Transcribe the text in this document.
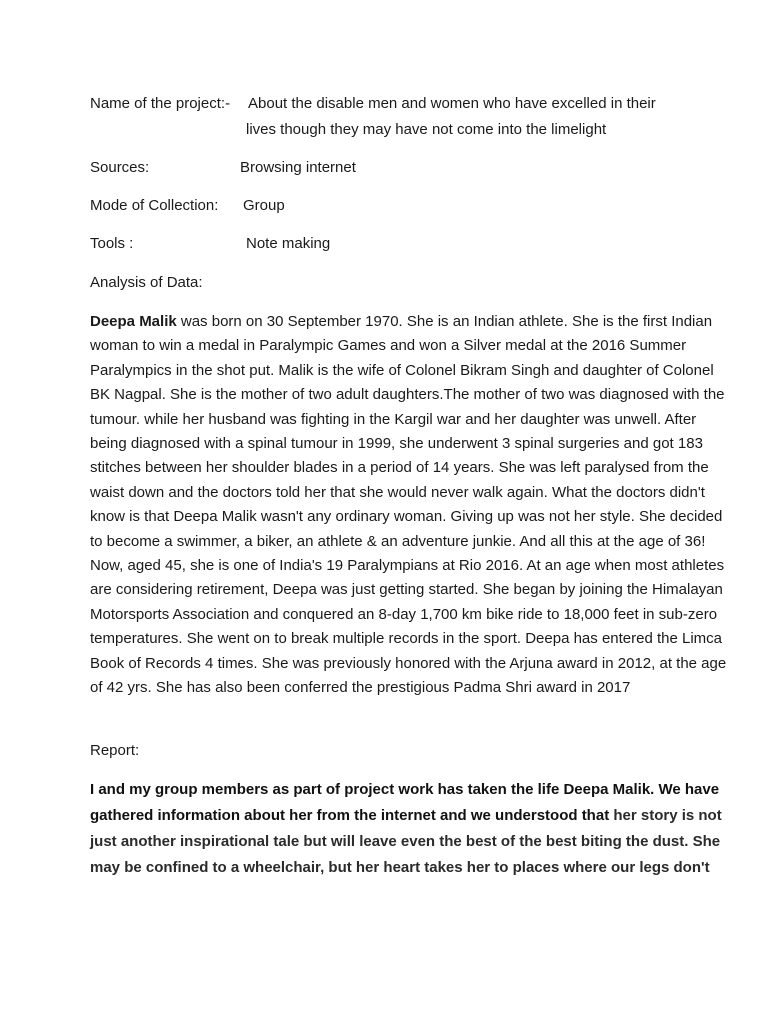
Name of the project:- About the disable men and women who have excelled in their
lives though they may have not come into the limelight
Sources:	Browsing internet
Mode of Collection: Group
Tools :	Note making
Analysis of Data:
Deepa Malik was born on 30 September 1970. She is an Indian athlete. She is the first Indian woman to win a medal in Paralympic Games and won a Silver medal at the 2016 Summer Paralympics in the shot put. Malik is the wife of Colonel Bikram Singh and daughter of Colonel BK Nagpal. She is the mother of two adult daughters.The mother of two was diagnosed with the tumour. while her husband was fighting in the Kargil war and her daughter was unwell. After being diagnosed with a spinal tumour in 1999, she underwent 3 spinal surgeries and got 183 stitches between her shoulder blades in a period of 14 years. She was left paralysed from the waist down and the doctors told her that she would never walk again. What the doctors didn't know is that Deepa Malik wasn't any ordinary woman. Giving up was not her style. She decided to become a swimmer, a biker, an athlete & an adventure junkie. And all this at the age of 36! Now, aged 45, she is one of India's 19 Paralympians at Rio 2016. At an age when most athletes are considering retirement, Deepa was just getting started. She began by joining the Himalayan Motorsports Association and conquered an 8-day 1,700 km bike ride to 18,000 feet in sub-zero temperatures. She went on to break multiple records in the sport. Deepa has entered the Limca Book of Records 4 times. She was previously honored with the Arjuna award in 2012, at the age of 42 yrs. She has also been conferred the prestigious Padma Shri award in 2017
Report:
I and my group members as part of project work has taken the life Deepa Malik. We have gathered information about her from the internet and we understood that her story is not just another inspirational tale but will leave even the best of the best biting the dust. She may be confined to a wheelchair, but her heart takes her to places where our legs don't
